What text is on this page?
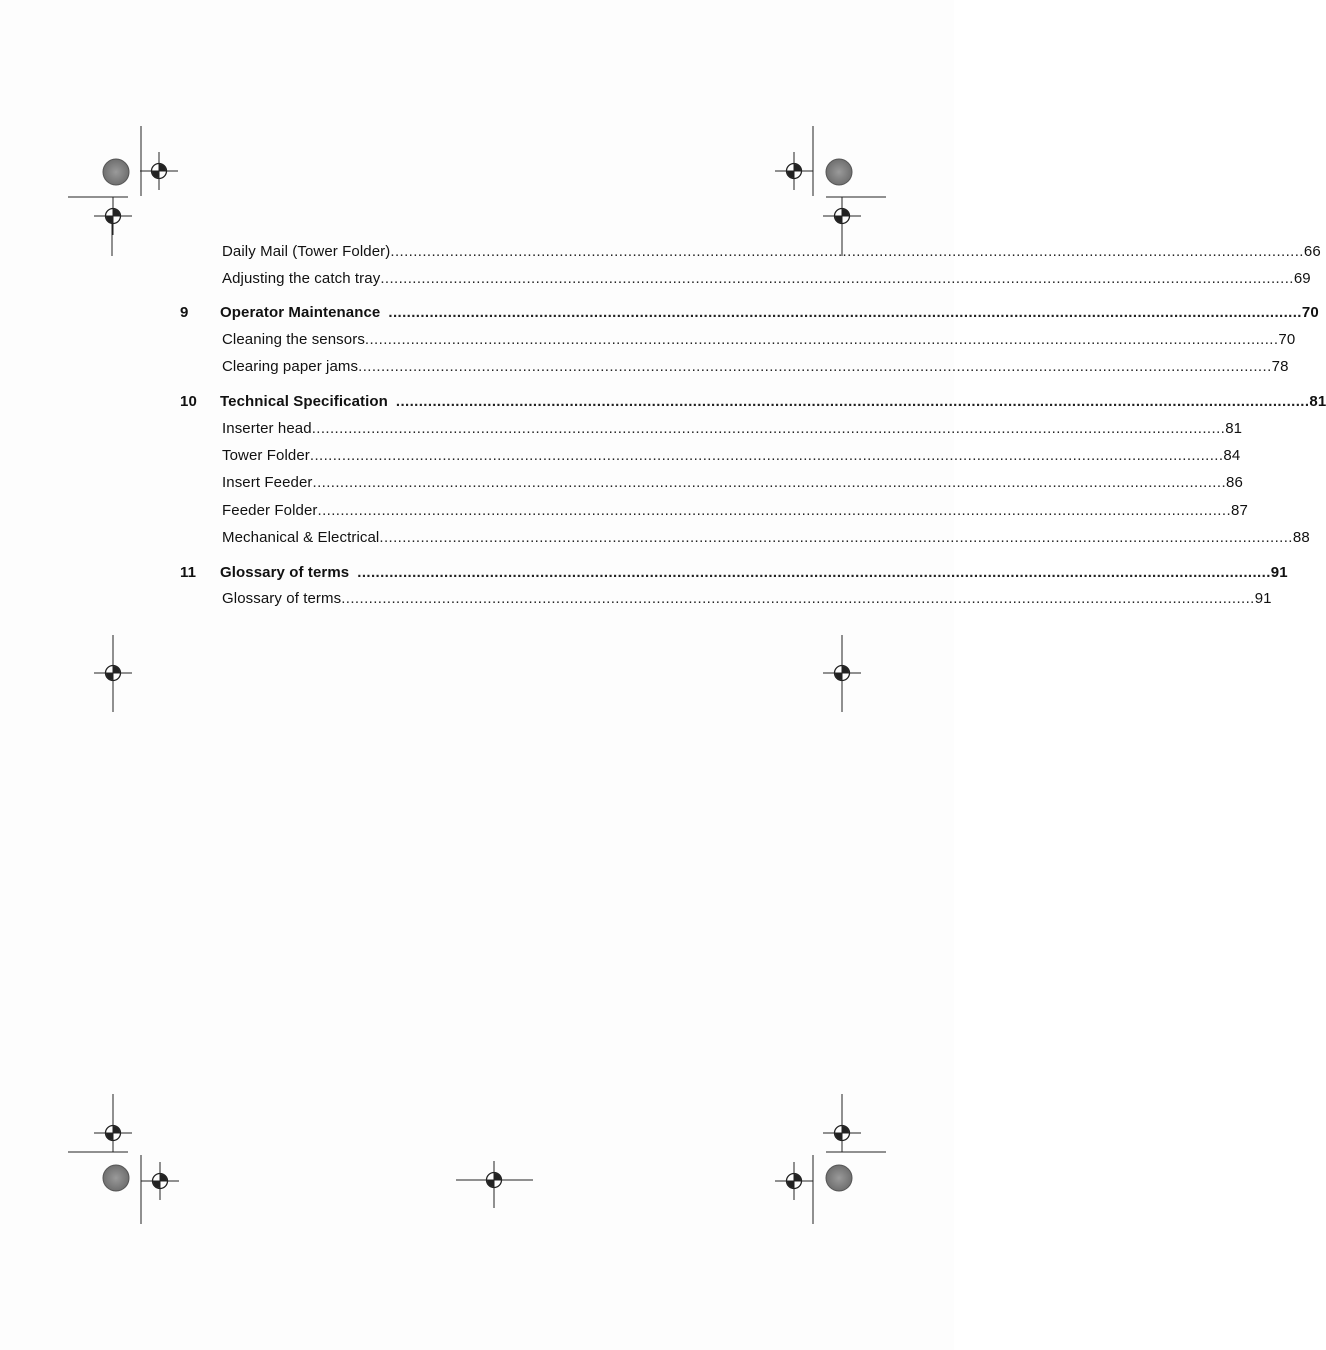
Daily Mail (Tower Folder) ........................................................................................................................................................................................................ 66
Adjusting the catch tray ........................................................................................................................................................................................................ 69
9	Operator Maintenance ........................................................................................................................................................................................................ 70
Cleaning the sensors ........................................................................................................................................................................................................ 70
Clearing paper jams ........................................................................................................................................................................................................ 78
10	Technical Specification ........................................................................................................................................................................................................ 81
Inserter head ........................................................................................................................................................................................................ 81
Tower Folder ........................................................................................................................................................................................................ 84
Insert Feeder ........................................................................................................................................................................................................ 86
Feeder Folder ........................................................................................................................................................................................................ 87
Mechanical & Electrical ........................................................................................................................................................................................................ 88
11	Glossary of terms ........................................................................................................................................................................................................ 91
Glossary of terms ........................................................................................................................................................................................................ 91
